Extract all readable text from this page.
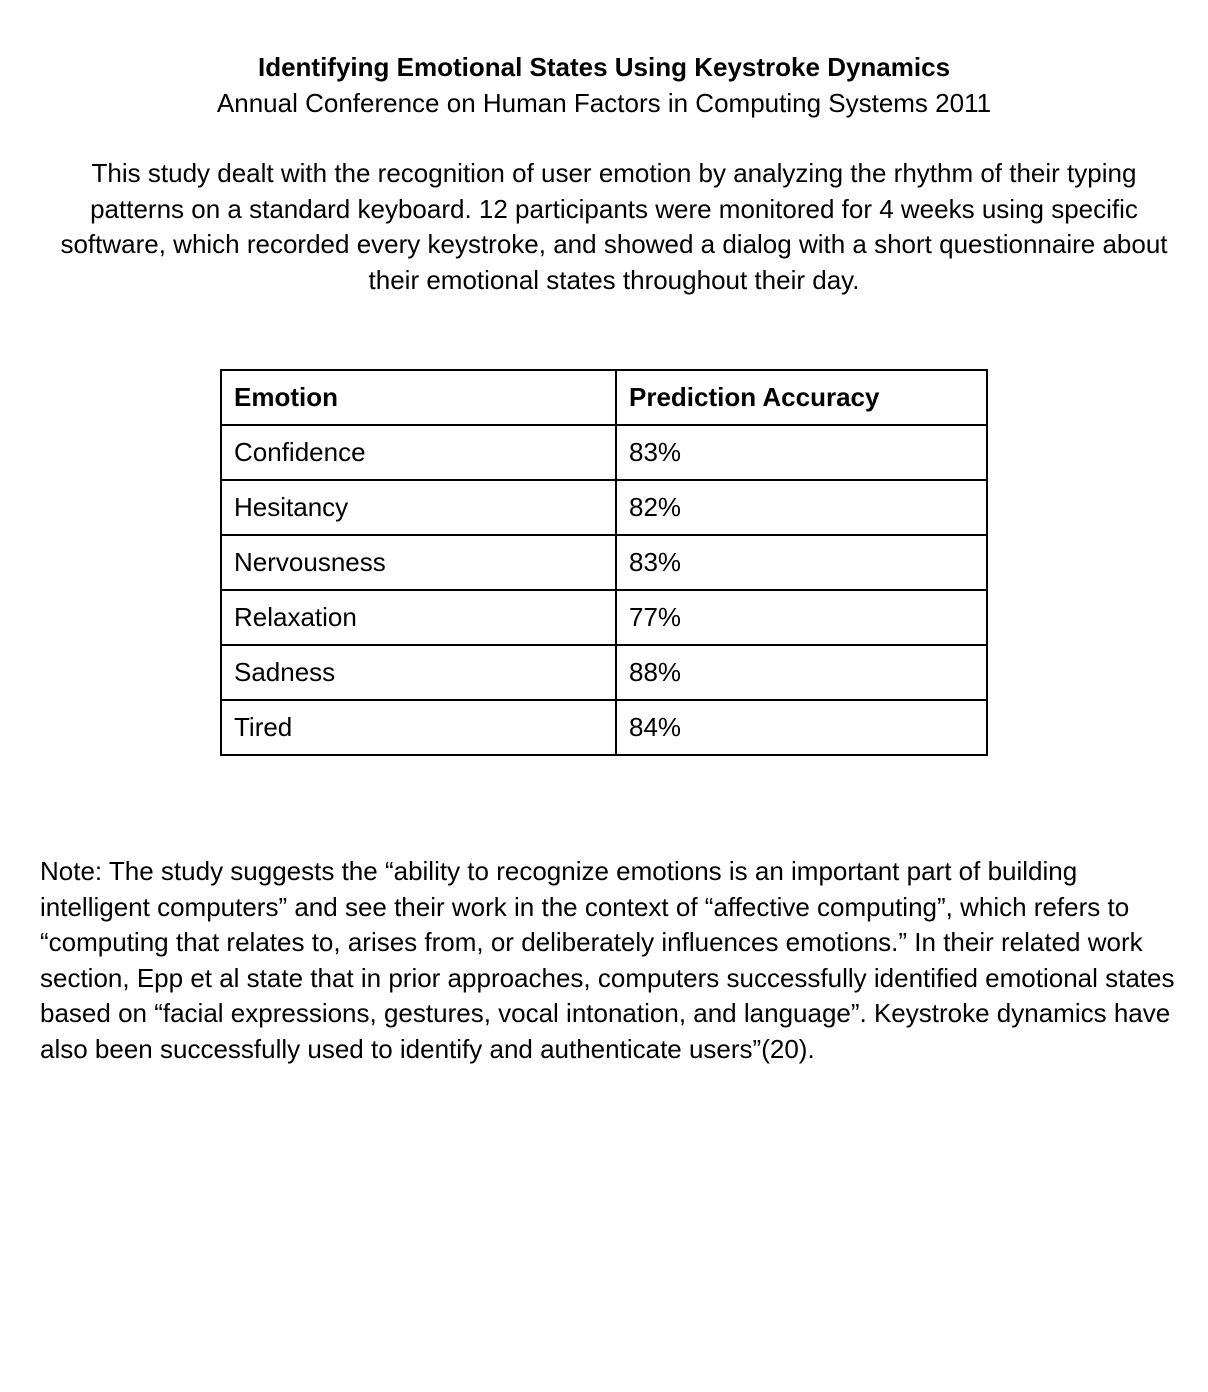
Identifying Emotional States Using Keystroke Dynamics
Annual Conference on Human Factors in Computing Systems 2011
This study dealt with the recognition of user emotion by analyzing the rhythm of their typing patterns on a standard keyboard. 12 participants were monitored for 4 weeks using specific software, which recorded every keystroke, and showed a dialog with a short questionnaire about their emotional states throughout their day.
Emotion	Prediction Accuracy
Confidence	83%
Hesitancy	82%
Nervousness	83%
Relaxation	77%
Sadness	88%
Tired	84%
Note: The study suggests the “ability to recognize emotions is an important part of building intelligent computers” and see their work in the context of “affective computing”, which refers to “computing that relates to, arises from, or deliberately influences emotions.” In their related work section, Epp et al state that in prior approaches, computers successfully identified emotional states based on “facial expressions, gestures, vocal intonation, and language”. Keystroke dynamics have also been successfully used to identify and authenticate users”(20).
